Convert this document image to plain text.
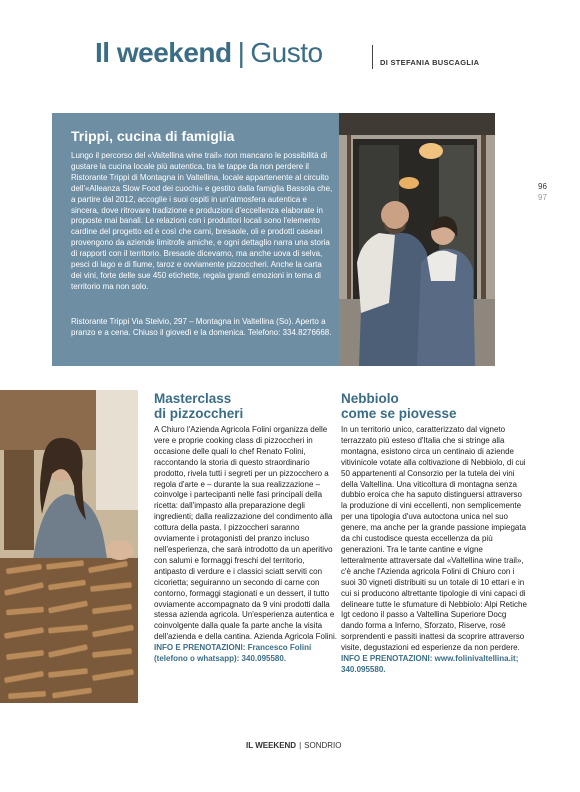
Il weekend | Gusto	DI STEFANIA BUSCAGLIA
96
97
Trippi, cucina di famiglia

Lungo il percorso del «Valtellina wine trail» non mancano le possibilità di gustare la cucina locale più autentica, tra le tappe da non perdere il Ristorante Trippi di Montagna in Valtellina, locale appartenente al circuito dell'«Alleanza Slow Food dei cuochi» e gestito dalla famiglia Bassola che, a partire dal 2012, accoglie i suoi ospiti in un'atmosfera autentica e sincera, dove ritrovare tradizione e produzioni d'eccellenza elaborate in proposte mai banali. Le relazioni con i produttori locali sono l'elemento cardine del progetto ed è così che carni, bresaole, oli e prodotti caseari provengono da aziende limitrofe amiche, e ogni dettaglio narra una storia di rapporti con il territorio. Bresaole dicevamo, ma anche uova di selva, pesci di lago e di fiume, taroz e ovviamente pizzoccheri. Anche la carta dei vini, forte delle sue 450 etichette, regala grandi emozioni in tema di territorio ma non solo.

Ristorante Trippi Via Stelvio, 297 – Montagna in Valtellina (So). Aperto a pranzo e a cena. Chiuso il giovedì e la domenica. Telefono: 334.8276668.

Masterclass

di pizzoccheri

A Chiuro l'Azienda Agricola Folini organizza delle vere e proprie cooking class di pizzoccheri in occasione delle quali lo chef Renato Folini, raccontando la storia di questo straordinario prodotto, rivela tutti i segreti per un pizzocchero a regola d'arte e – durante la sua realizzazione – coinvolge i partecipanti nelle fasi principali della ricetta: dall'impasto alla preparazione degli ingredienti; dalla realizzazione del condimento alla cottura della pasta. I pizzoccheri saranno ovviamente i protagonisti del pranzo incluso nell'esperienza, che sarà introdotto da un aperitivo con salumi e formaggi freschi del territorio, antipasto di verdure e i classici sciatt serviti con cicorietta; seguiranno un secondo di carne con contorno, formaggi stagionati e un dessert, il tutto ovviamente accompagnato da 9 vini prodotti dalla stessa azienda agricola. Un'esperienza autentica e coinvolgente dalla quale fa parte anche la visita dell'azienda e della cantina. Azienda Agricola Folini. INFO E PRENOTAZIONI: Francesco Folini (telefono o whatsapp): 340.095580.

Nebbiolo

come se piovesse

In un territorio unico, caratterizzato dal vigneto terrazzato più esteso d'Italia che si stringe alla montagna, esistono circa un centinaio di aziende vitivinicole votate alla coltivazione di Nebbiolo, di cui 50 appartenenti al Consorzio per la tutela dei vini della Valtellina. Una viticoltura di montagna senza dubbio eroica che ha saputo distinguersi attraverso la produzione di vini eccellenti, non semplicemente per una tipologia d'uva autoctona unica nel suo genere, ma anche per la grande passione impiegata da chi custodisce questa eccellenza da più generazioni. Tra le tante cantine e vigne letteralmente attraversate dal «Valtellina wine trail», c'è anche l'Azienda agricola Folini di Chiuro con i suoi 30 vigneti distribuiti su un totale di 10 ettari e in cui si producono altrettante tipologie di vini capaci di delineare tutte le sfumature di Nebbiolo: Alpi Retiche Igt cedono il passo a Valtellina Superiore Docg dando forma a Inferno, Sforzato, Riserve, rosé sorprendenti e passiti inattesi da scoprire attraverso visite, degustazioni ed esperienze da non perdere. INFO E PRENOTAZIONI: www.folinivaltellina.it; 340.095580.

IL WEEKEND | SONDRIO
